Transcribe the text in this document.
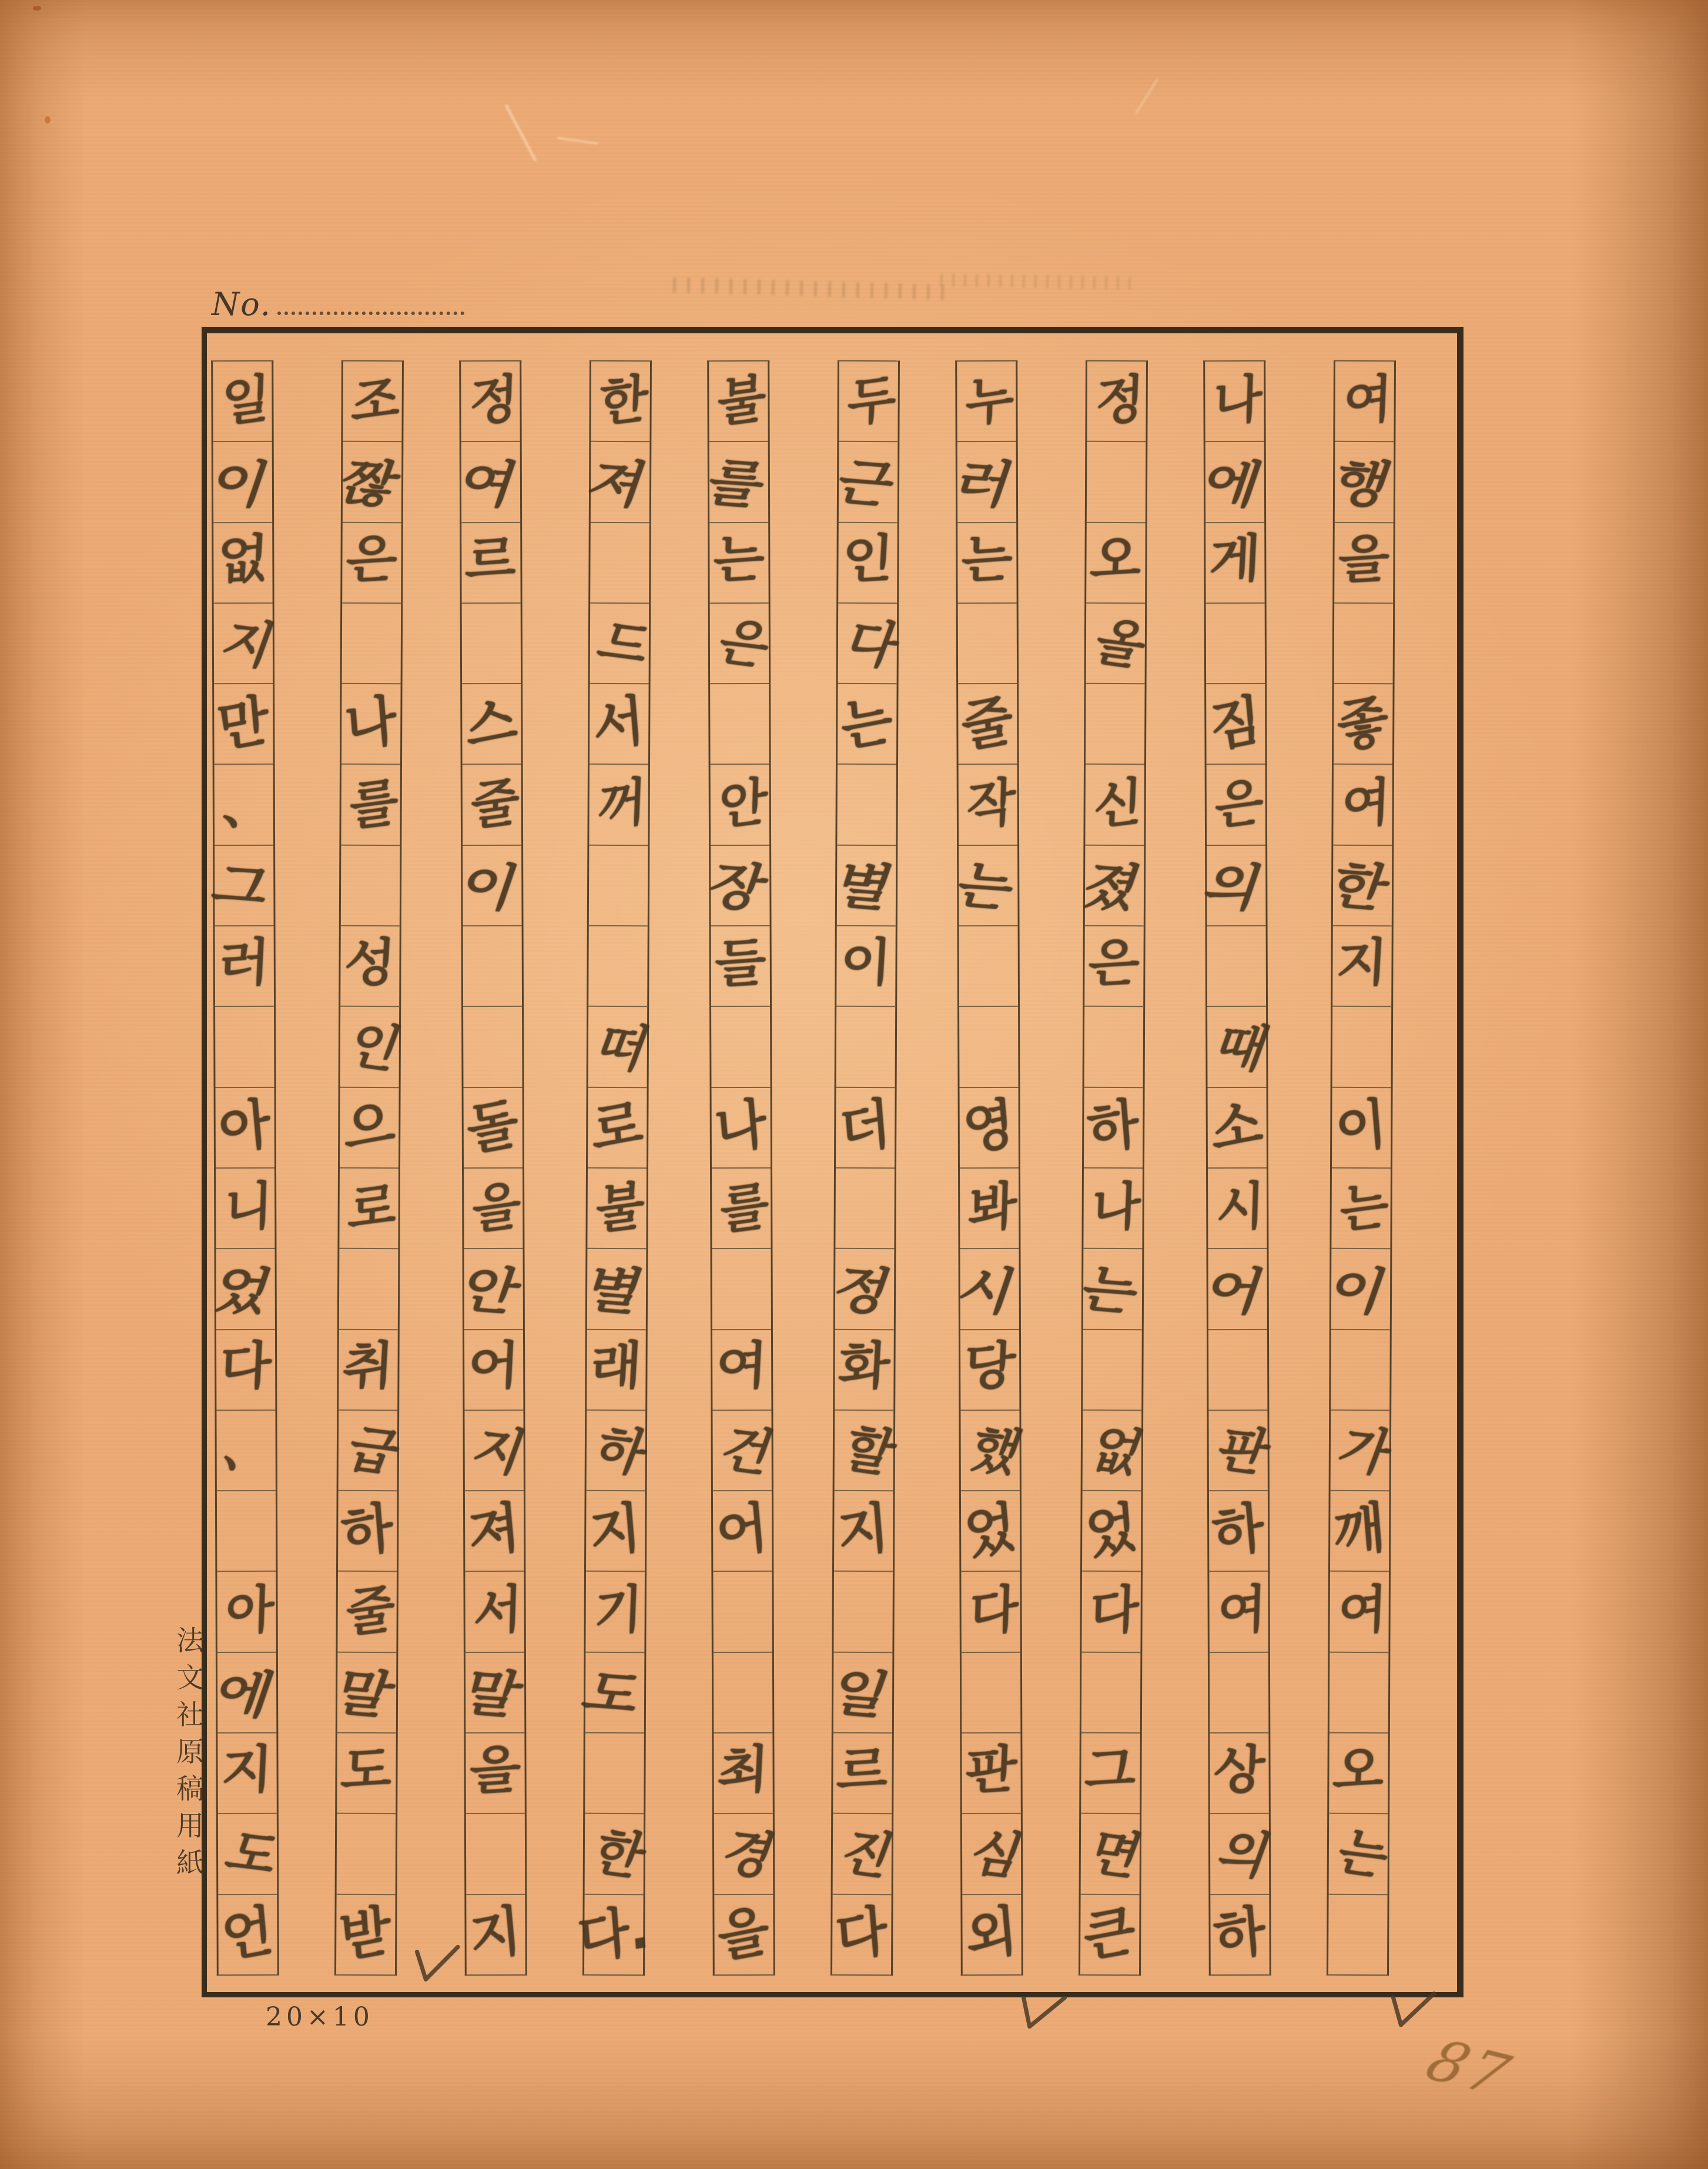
No.
여
행
을
좋
여
한
지
이
는
이
가
깨
여
오
는
나
에
게
짐
은
의
때
소
시
어
판
하
여
상
의
하
정
오
올
신
졌
은
하
나
는
없
었
다
그
면
큰
누
러
는
줄
작
는
영
봐
시
당
했
었
다
판
심
외
두
근
인
다
는
별
이
더
정
화
할
지
일
르
진
다
불
를
는
은
안
장
들
나
를
여
건
어
최
경
을
한
져
드
서
꺼
떠
로
불
별
래
하
지
기
도
한
다.
정
여
르
스
줄
이
돌
을
안
어
지
져
서
말
을
지
조
짢
은
나
를
성
인
으
로
취
급
하
줄
말
도
받
일
이
없
지
만
、
그
러
아
니
었
다
、
아
에
지
도
언
法文社原稿用紙
20×10
87
